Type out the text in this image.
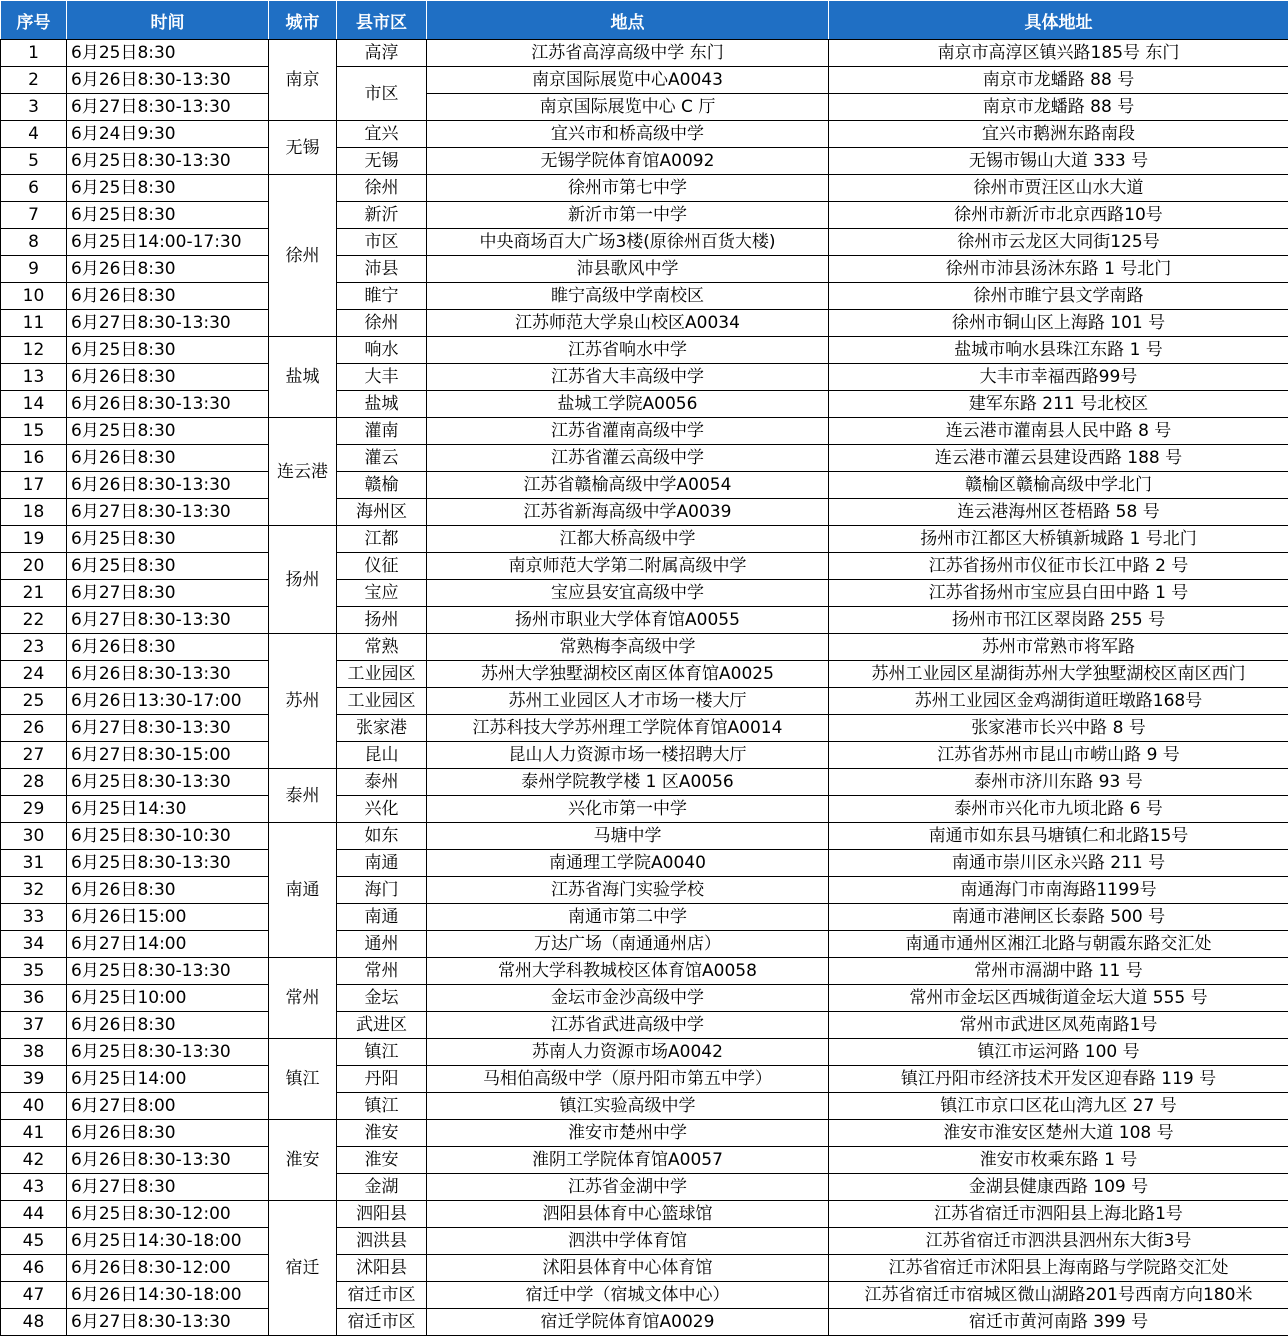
序号	时间	城市	县市区	地点	具体地址
1	6月25日8:30	南京	高淳	江苏省高淳高级中学 东门	南京市高淳区镇兴路185号 东门
2	6月26日8:30-13:30		市区	南京国际展览中心A0043	南京市龙蟠路 88 号
3	6月27日8:30-13:30			南京国际展览中心 C 厅	南京市龙蟠路 88 号
4	6月24日9:30	无锡	宜兴	宜兴市和桥高级中学	宜兴市鹅洲东路南段
5	6月25日8:30-13:30		无锡	无锡学院体育馆A0092	无锡市锡山大道 333 号
6	6月25日8:30	徐州	徐州	徐州市第七中学	徐州市贾汪区山水大道
7	6月25日8:30		新沂	新沂市第一中学	徐州市新沂市北京西路10号
8	6月25日14:00-17:30		市区	中央商场百大广场3楼(原徐州百货大楼)	徐州市云龙区大同街125号
9	6月26日8:30		沛县	沛县歌风中学	徐州市沛县汤沐东路 1 号北门
10	6月26日8:30		睢宁	睢宁高级中学南校区	徐州市睢宁县文学南路
11	6月27日8:30-13:30		徐州	江苏师范大学泉山校区A0034	徐州市铜山区上海路 101 号
12	6月25日8:30	盐城	响水	江苏省响水中学	盐城市响水县珠江东路 1 号
13	6月26日8:30		大丰	江苏省大丰高级中学	大丰市幸福西路99号
14	6月26日8:30-13:30		盐城	盐城工学院A0056	建军东路 211 号北校区
15	6月25日8:30	连云港	灌南	江苏省灌南高级中学	连云港市灌南县人民中路 8 号
16	6月26日8:30		灌云	江苏省灌云高级中学	连云港市灌云县建设西路 188 号
17	6月26日8:30-13:30		赣榆	江苏省赣榆高级中学A0054	赣榆区赣榆高级中学北门
18	6月27日8:30-13:30		海州区	江苏省新海高级中学A0039	连云港海州区苍梧路 58 号
19	6月25日8:30	扬州	江都	江都大桥高级中学	扬州市江都区大桥镇新城路 1 号北门
20	6月25日8:30		仪征	南京师范大学第二附属高级中学	江苏省扬州市仪征市长江中路 2 号
21	6月27日8:30		宝应	宝应县安宜高级中学	江苏省扬州市宝应县白田中路 1 号
22	6月27日8:30-13:30		扬州	扬州市职业大学体育馆A0055	扬州市邗江区翠岗路 255 号
23	6月26日8:30	苏州	常熟	常熟梅李高级中学	苏州市常熟市将军路
24	6月26日8:30-13:30		工业园区	苏州大学独墅湖校区南区体育馆A0025	苏州工业园区星湖街苏州大学独墅湖校区南区西门
25	6月26日13:30-17:00		工业园区	苏州工业园区人才市场一楼大厅	苏州工业园区金鸡湖街道旺墩路168号
26	6月27日8:30-13:30		张家港	江苏科技大学苏州理工学院体育馆A0014	张家港市长兴中路 8 号
27	6月27日8:30-15:00		昆山	昆山人力资源市场一楼招聘大厅	江苏省苏州市昆山市崂山路 9 号
28	6月25日8:30-13:30	泰州	泰州	泰州学院教学楼 1 区A0056	泰州市济川东路 93 号
29	6月25日14:30		兴化	兴化市第一中学	泰州市兴化市九顷北路 6 号
30	6月25日8:30-10:30	南通	如东	马塘中学	南通市如东县马塘镇仁和北路15号
31	6月25日8:30-13:30		南通	南通理工学院A0040	南通市崇川区永兴路 211 号
32	6月26日8:30		海门	江苏省海门实验学校	南通海门市南海路1199号
33	6月26日15:00		南通	南通市第二中学	南通市港闸区长泰路 500 号
34	6月27日14:00		通州	万达广场（南通通州店）	南通市通州区湘江北路与朝霞东路交汇处
35	6月25日8:30-13:30	常州	常州	常州大学科教城校区体育馆A0058	常州市滆湖中路 11 号
36	6月25日10:00		金坛	金坛市金沙高级中学	常州市金坛区西城街道金坛大道 555 号
37	6月26日8:30		武进区	江苏省武进高级中学	常州市武进区凤苑南路1号
38	6月25日8:30-13:30	镇江	镇江	苏南人力资源市场A0042	镇江市运河路 100 号
39	6月25日14:00		丹阳	马相伯高级中学（原丹阳市第五中学）	镇江丹阳市经济技术开发区迎春路 119 号
40	6月27日8:00		镇江	镇江实验高级中学	镇江市京口区花山湾九区 27 号
41	6月26日8:30	淮安	淮安	淮安市楚州中学	淮安市淮安区楚州大道 108 号
42	6月26日8:30-13:30		淮安	淮阴工学院体育馆A0057	淮安市枚乘东路 1 号
43	6月27日8:30		金湖	江苏省金湖中学	金湖县健康西路 109 号
44	6月25日8:30-12:00	宿迁	泗阳县	泗阳县体育中心篮球馆	江苏省宿迁市泗阳县上海北路1号
45	6月25日14:30-18:00		泗洪县	泗洪中学体育馆	江苏省宿迁市泗洪县泗州东大街3号
46	6月26日8:30-12:00		沭阳县	沭阳县体育中心体育馆	江苏省宿迁市沭阳县上海南路与学院路交汇处
47	6月26日14:30-18:00		宿迁市区	宿迁中学（宿城文体中心）	江苏省宿迁市宿城区微山湖路201号西南方向180米
48	6月27日8:30-13:30		宿迁市区	宿迁学院体育馆A0029	宿迁市黄河南路 399 号
